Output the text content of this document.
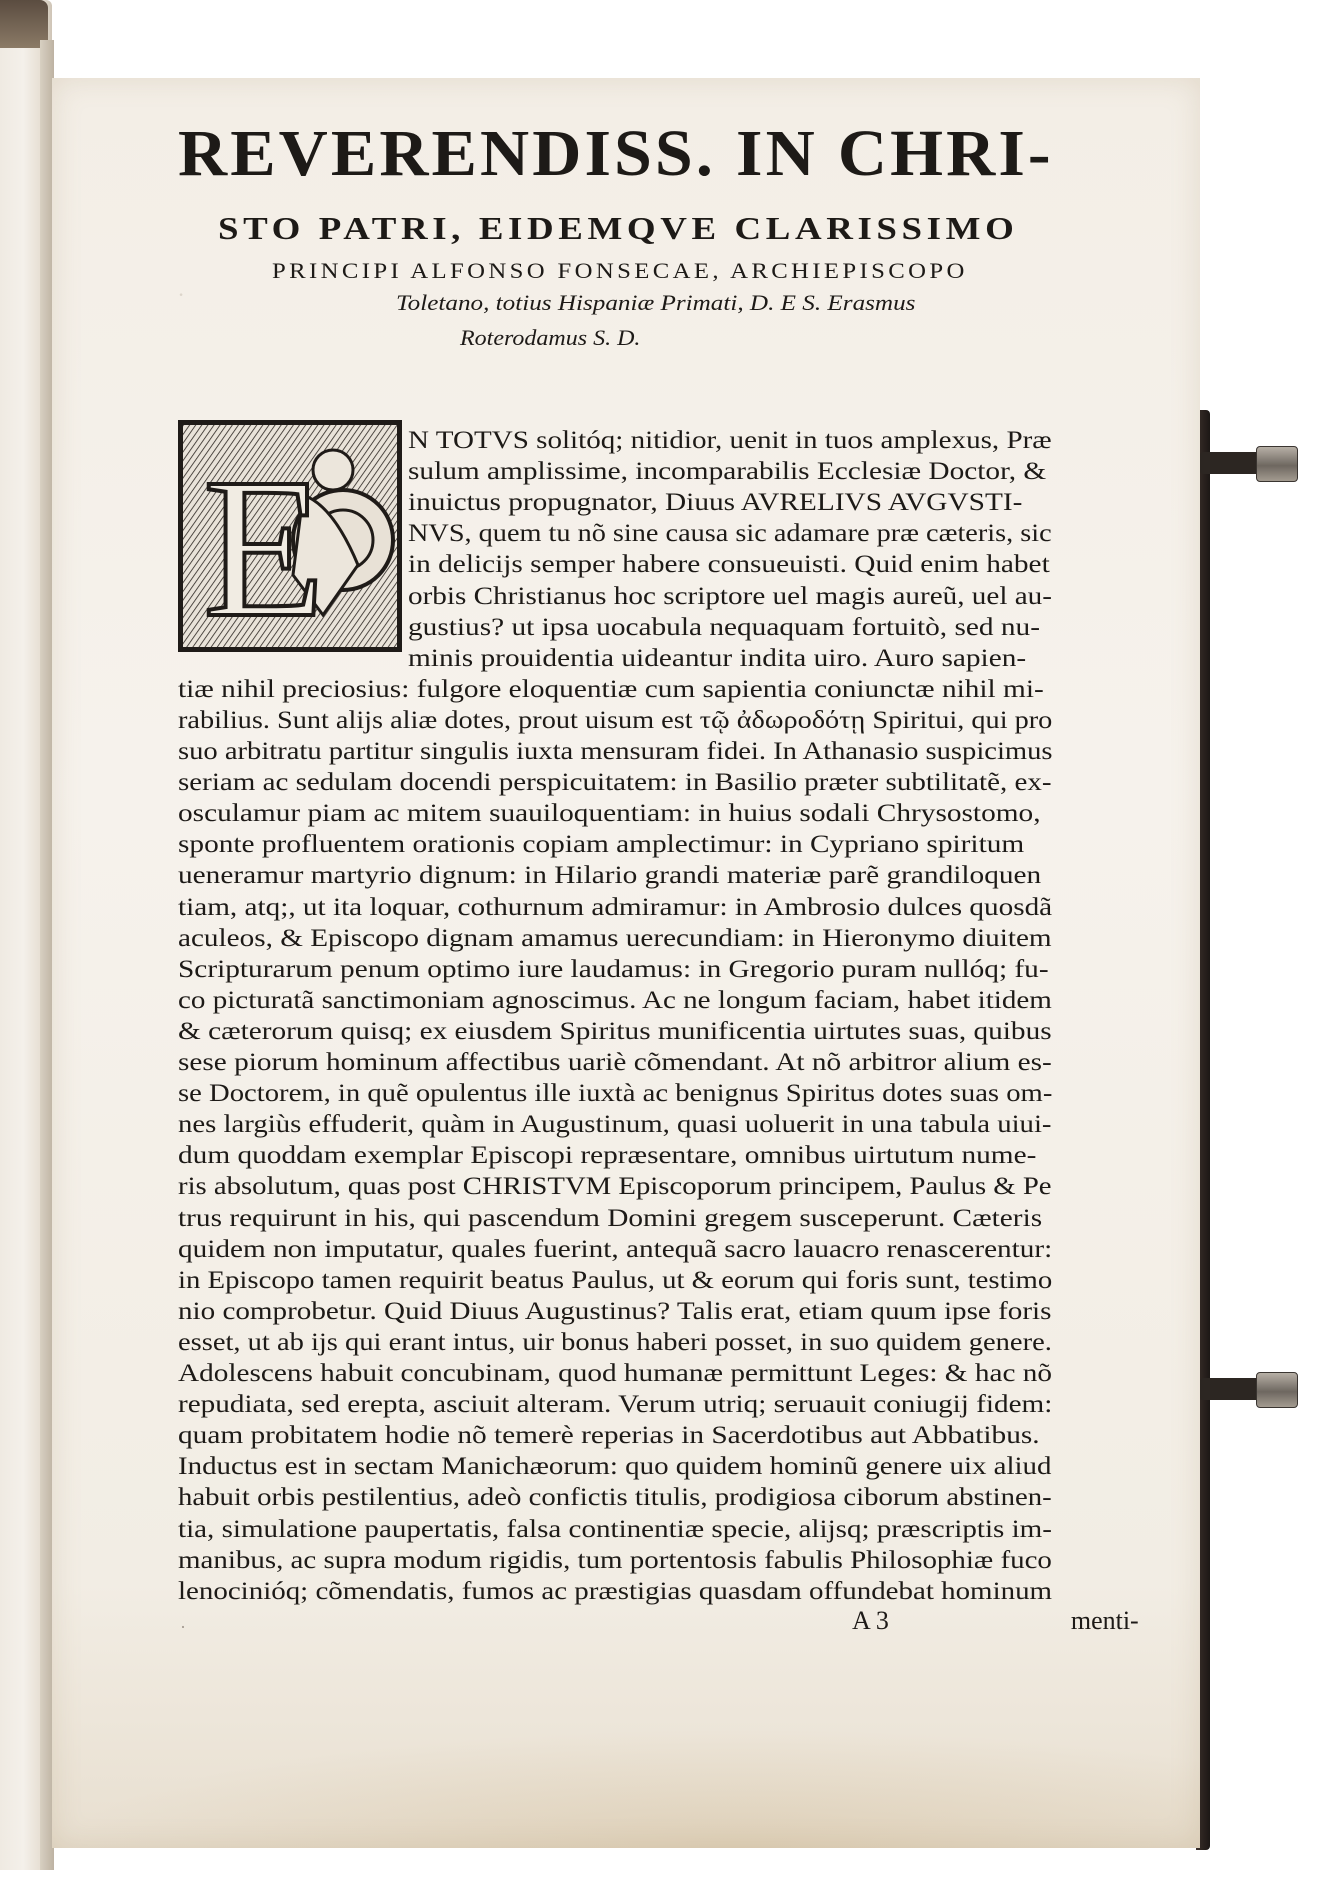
·

REVERENDISS. IN CHRI-
STO PATRI, EIDEMQVE CLARISSIMO

PRINCIPI ALFONSO FONSECAE, ARCHIEPISCOPO

Toletano, totius Hispaniæ Primati, D. E S. Erasmus

Roterodamus S. D.

E	N TOTVS solitóq; nitidior, uenit in tuos amplexus, Præ

sulum amplissime, incomparabilis Ecclesiæ Doctor, &

inuictus propugnator, Diuus AVRELIVS AVGVSTI-

NVS, quem tu nõ sine causa sic adamare præ cæteris, sic

in delicijs semper habere consueuisti. Quid enim habet

orbis Christianus hoc scriptore uel magis aureũ, uel au-

gustius? ut ipsa uocabula nequaquam fortuitò, sed nu-

minis prouidentia uideantur indita uiro. Auro sapien-

tiæ nihil preciosius: fulgore eloquentiæ cum sapientia coniunctæ nihil mi-

rabilius. Sunt alijs aliæ dotes, prout uisum est τῷ ἀδωροδότῃ Spiritui, qui pro

suo arbitratu partitur singulis iuxta mensuram fidei. In Athanasio suspicimus

seriam ac sedulam docendi perspicuitatem: in Basilio præter subtilitatẽ, ex-

osculamur piam ac mitem suauiloquentiam: in huius sodali Chrysostomo,

sponte profluentem orationis copiam amplectimur: in Cypriano spiritum

ueneramur martyrio dignum: in Hilario grandi materiæ parẽ grandiloquen

tiam, atq;, ut ita loquar, cothurnum admiramur: in Ambrosio dulces quosdã

aculeos, & Episcopo dignam amamus uerecundiam: in Hieronymo diuitem

Scripturarum penum optimo iure laudamus: in Gregorio puram nullóq; fu-

co picturatã sanctimoniam agnoscimus. Ac ne longum faciam, habet itidem

& cæterorum quisq; ex eiusdem Spiritus munificentia uirtutes suas, quibus

sese piorum hominum affectibus uariè cõmendant. At nõ arbitror alium es-

se Doctorem, in quẽ opulentus ille iuxtà ac benignus Spiritus dotes suas om-

nes largiùs effuderit, quàm in Augustinum, quasi uoluerit in una tabula uiui-

dum quoddam exemplar Episcopi repræsentare, omnibus uirtutum nume-

ris absolutum, quas post CHRISTVM Episcoporum principem, Paulus & Pe

trus requirunt in his, qui pascendum Domini gregem susceperunt. Cæteris

quidem non imputatur, quales fuerint, antequã sacro lauacro renascerentur:

in Episcopo tamen requirit beatus Paulus, ut & eorum qui foris sunt, testimo

nio comprobetur. Quid Diuus Augustinus? Talis erat, etiam quum ipse foris

esset, ut ab ijs qui erant intus, uir bonus haberi posset, in suo quidem genere.

Adolescens habuit concubinam, quod humanæ permittunt Leges: & hac nõ

repudiata, sed erepta, asciuit alteram. Verum utriq; seruauit coniugij fidem:

quam probitatem hodie nõ temerè reperias in Sacerdotibus aut Abbatibus.

Inductus est in sectam Manichæorum: quo quidem hominũ genere uix aliud

habuit orbis pestilentius, adeò confictis titulis, prodigiosa ciborum abstinen-

tia, simulatione paupertatis, falsa continentiæ specie, alijsq; præscriptis im-

manibus, ac supra modum rigidis, tum portentosis fabulis Philosophiæ fuco

lenocinióq; cõmendatis, fumos ac præstigias quasdam offundebat hominum

·	A 3	menti-
